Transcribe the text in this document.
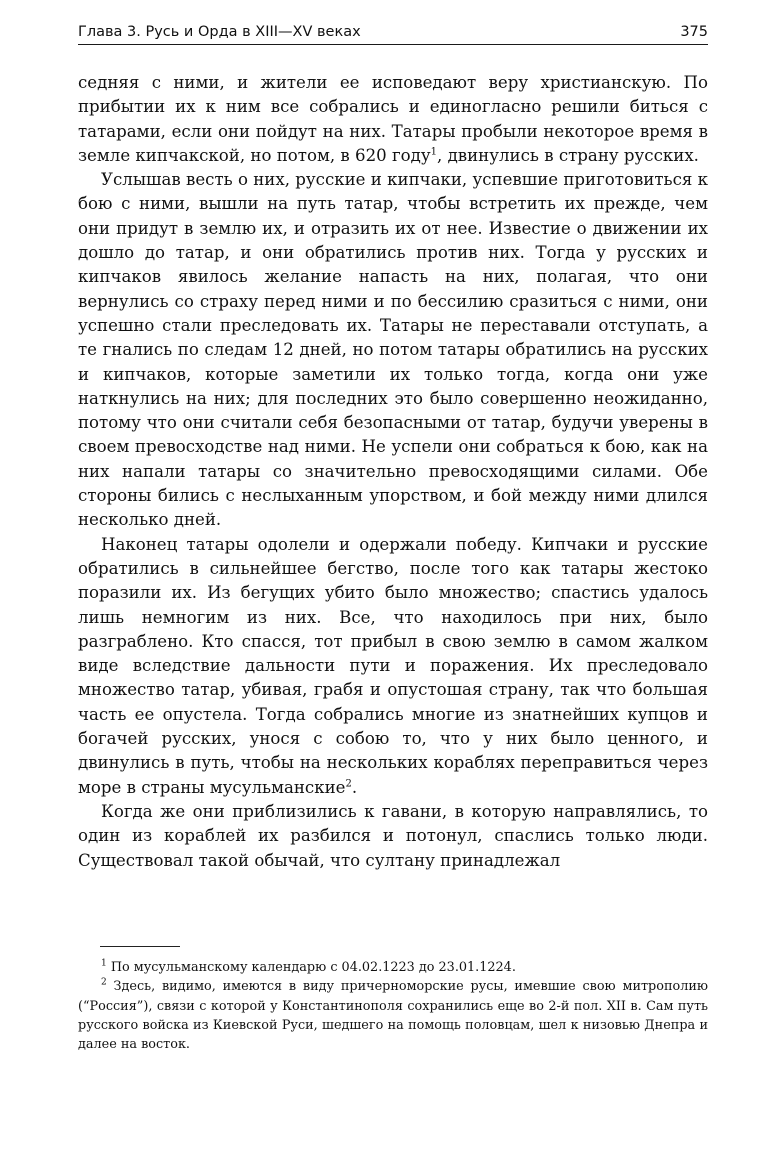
Глава 3. Русь и Орда в XIII—XV веках	375

седняя с ними, и жители ее исповедают веру христианскую. По прибытии их к ним все собрались и единогласно решили биться с татарами, если они пойдут на них. Татары пробыли некоторое время в земле кипчакской, но потом, в 620 году$^1$, двинулись в страну русских.

Услышав весть о них, русские и кипчаки, успевшие приготовиться к бою с ними, вышли на путь татар, чтобы встретить их прежде, чем они придут в землю их, и отразить их от нее. Известие о движении их дошло до татар, и они обратились против них. Тогда у русских и кипчаков явилось желание напасть на них, полагая, что они вернулись со страху перед ними и по бессилию сразиться с ними, они успешно стали преследовать их. Татары не переставали отступать, а те гнались по следам 12 дней, но потом татары обратились на русских и кипчаков, которые заметили их только тогда, когда они уже наткнулись на них; для последних это было совершенно неожиданно, потому что они считали себя безопасными от татар, будучи уверены в своем превосходстве над ними. Не успели они собраться к бою, как на них напали татары со значительно превосходящими силами. Обе стороны бились с неслыханным упорством, и бой между ними длился несколько дней.

Наконец татары одолели и одержали победу. Кипчаки и русские обратились в сильнейшее бегство, после того как татары жестоко поразили их. Из бегущих убито было множество; спастись удалось лишь немногим из них. Все, что находилось при них, было разграблено. Кто спасся, тот прибыл в свою землю в самом жалком виде вследствие дальности пути и поражения. Их преследовало множество татар, убивая, грабя и опустошая страну, так что большая часть ее опустела. Тогда собрались многие из знатнейших купцов и богачей русских, унося с собою то, что у них было ценного, и двинулись в путь, чтобы на нескольких кораблях переправиться через море в страны мусульманские$^2$.

Когда же они приблизились к гавани, в которую направлялись, то один из кораблей их разбился и потонул, спаслись только люди. Существовал такой обычай, что султану принадлежал

$^1$ По мусульманскому календарю с 04.02.1223 до 23.01.1224.

$^2$ Здесь, видимо, имеются в виду причерноморские русы, имевшие свою митрополию (“Россия”), связи с которой у Константинополя сохранились еще во 2-й пол. XII в. Сам путь русского войска из Киевской Руси, шедшего на помощь половцам, шел к низовью Днепра и далее на восток.
